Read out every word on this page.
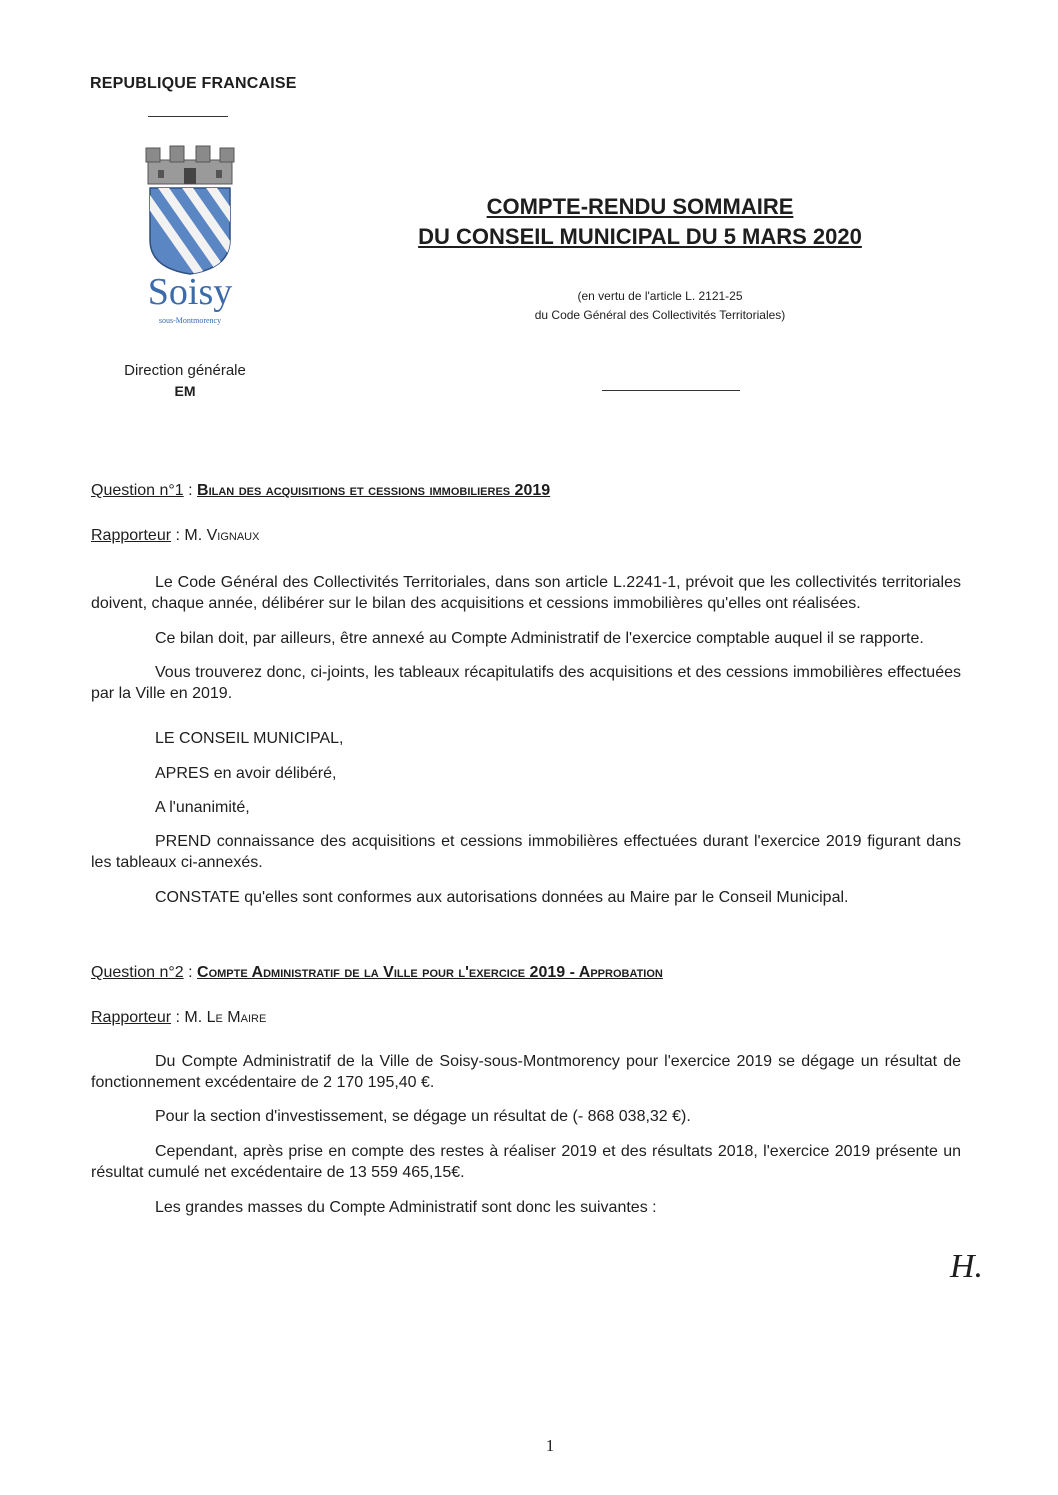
REPUBLIQUE FRANCAISE
Soisy
sous-Montmorency
Direction générale
EM
COMPTE-RENDU SOMMAIRE
DU CONSEIL MUNICIPAL DU 5 MARS 2020
(en vertu de l'article L. 2121-25
du Code Général des Collectivités Territoriales)
Question n°1 : Bilan des acquisitions et cessions immobilieres 2019
Rapporteur : M. Vignaux
Le Code Général des Collectivités Territoriales, dans son article L.2241-1, prévoit que les collectivités territoriales doivent, chaque année, délibérer sur le bilan des acquisitions et cessions immobilières qu'elles ont réalisées.
Ce bilan doit, par ailleurs, être annexé au Compte Administratif de l'exercice comptable auquel il se rapporte.
Vous trouverez donc, ci-joints, les tableaux récapitulatifs des acquisitions et des cessions immobilières effectuées par la Ville en 2019.
LE CONSEIL MUNICIPAL,
APRES en avoir délibéré,
A l'unanimité,
PREND connaissance des acquisitions et cessions immobilières effectuées durant l'exercice 2019 figurant dans les tableaux ci-annexés.
CONSTATE qu'elles sont conformes aux autorisations données au Maire par le Conseil Municipal.
Question n°2 : Compte Administratif de la Ville pour l'exercice 2019 - Approbation
Rapporteur : M. Le Maire
Du Compte Administratif de la Ville de Soisy-sous-Montmorency pour l'exercice 2019 se dégage un résultat de fonctionnement excédentaire de 2 170 195,40 €.
Pour la section d'investissement, se dégage un résultat de (- 868 038,32 €).
Cependant, après prise en compte des restes à réaliser 2019 et des résultats 2018, l'exercice 2019 présente un résultat cumulé net excédentaire de 13 559 465,15€.
Les grandes masses du Compte Administratif sont donc les suivantes :
H.
1
